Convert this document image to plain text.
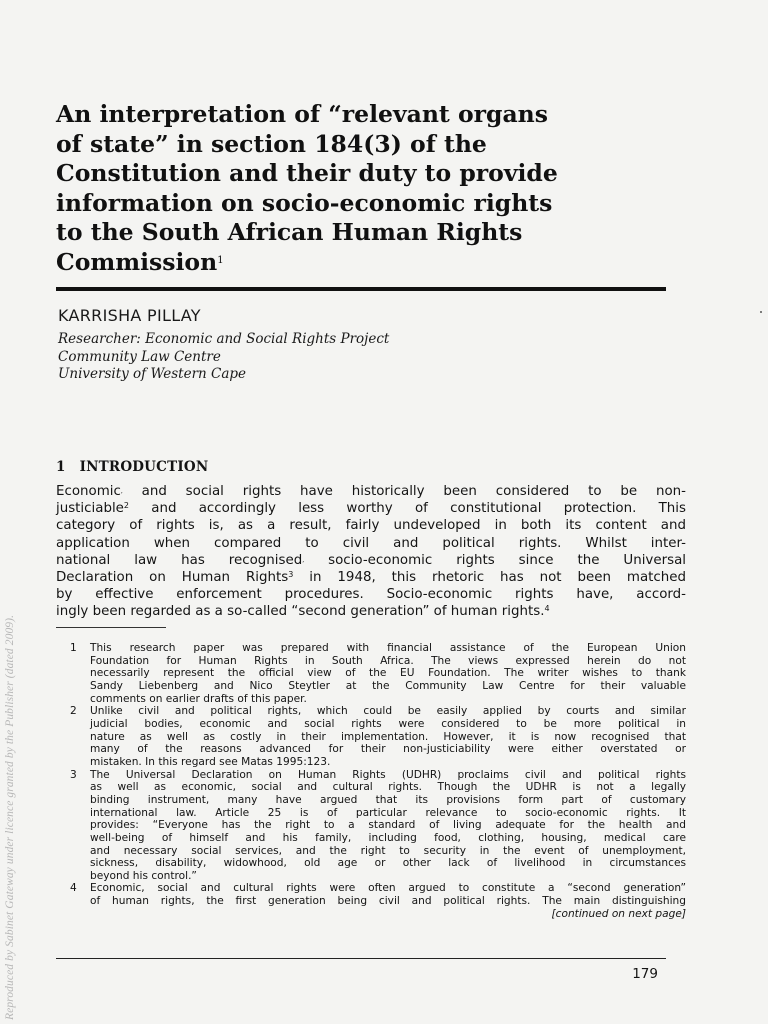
Reproduced by Sabinet Gateway under licence granted by the Publisher (dated 2009).
An interpretation of “relevant organs
of state” in section 184(3) of the
Constitution and their duty to provide
information on socio-economic rights
to the South African Human Rights
Commission$^1$
KARRISHA PILLAY
Researcher: Economic and Social Rights Project
Community Law Centre
University of Western Cape
1 INTRODUCTION
Economic, and social rights have historically been considered to be non-
justiciable$^2$ and accordingly less worthy of constitutional protection. This
category of rights is, as a result, fairly undeveloped in both its content and
application when compared to civil and political rights. Whilst inter-
national law has recognised, socio-economic rights since the Universal
Declaration on Human Rights$^3$ in 1948, this rhetoric has not been matched
by effective enforcement procedures. Socio-economic rights have, accord-
ingly been regarded as a so-called “second generation” of human rights.$^4$
1 This research paper was prepared with financial assistance of the European Union
Foundation for Human Rights in South Africa. The views expressed herein do not
necessarily represent the official view of the EU Foundation. The writer wishes to thank
Sandy Liebenberg and Nico Steytler at the Community Law Centre for their valuable
comments on earlier drafts of this paper.
2 Unlike civil and political rights, which could be easily applied by courts and similar
judicial bodies, economic and social rights were considered to be more political in
nature as well as costly in their implementation. However, it is now recognised that
many of the reasons advanced for their non-justiciability were either overstated or
mistaken. In this regard see Matas 1995:123.
3 The Universal Declaration on Human Rights (UDHR) proclaims civil and political rights
as well as economic, social and cultural rights. Though the UDHR is not a legally
binding instrument, many have argued that its provisions form part of customary
international law. Article 25 is of particular relevance to socio-economic rights. It
provides: “Everyone has the right to a standard of living adequate for the health and
well-being of himself and his family, including food, clothing, housing, medical care
and necessary social services, and the right to security in the event of unemployment,
sickness, disability, widowhood, old age or other lack of livelihood in circumstances
beyond his control.”
4 Economic, social and cultural rights were often argued to constitute a “second generation”
of human rights, the first generation being civil and political rights. The main distinguishing
[continued on next page]
179
